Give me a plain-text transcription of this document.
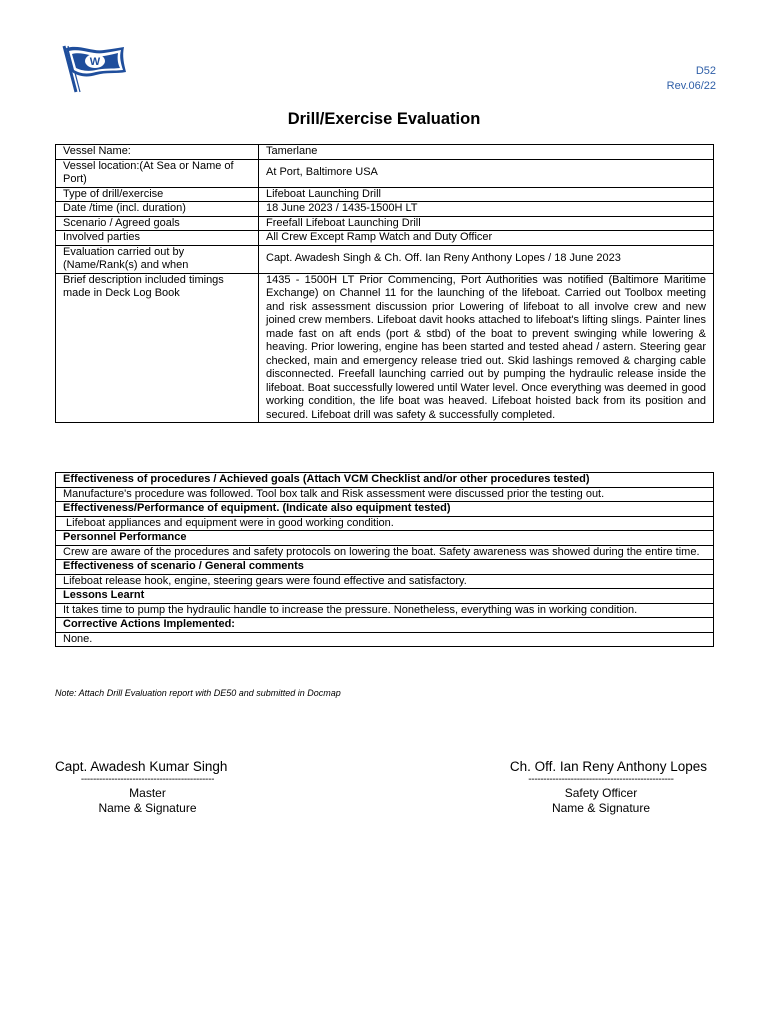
W
D52
Rev.06/22
Drill/Exercise Evaluation
Vessel Name:	Tamerlane
Vessel location:(At Sea or Name of Port)	At Port, Baltimore USA
Type of drill/exercise	Lifeboat Launching Drill
Date /time (incl. duration)	18 June 2023 / 1435-1500H LT
Scenario / Agreed goals	Freefall Lifeboat Launching Drill
Involved parties	All Crew Except Ramp Watch and Duty Officer
Evaluation carried out by (Name/Rank(s) and when	Capt. Awadesh Singh & Ch. Off. Ian Reny Anthony Lopes / 18 June 2023
Brief description included timings made in Deck Log Book	1435 - 1500H LT Prior Commencing, Port Authorities was notified (Baltimore Maritime Exchange) on Channel 11 for the launching of the lifeboat. Carried out Toolbox meeting and risk assessment discussion prior Lowering of lifeboat to all involve crew and new joined crew members. Lifeboat davit hooks attached to lifeboat's lifting slings. Painter lines made fast on aft ends (port & stbd) of the boat to prevent swinging while lowering & heaving. Prior lowering, engine has been started and tested ahead / astern. Steering gear checked, main and emergency release tried out. Skid lashings removed & charging cable disconnected. Freefall launching carried out by pumping the hydraulic release inside the lifeboat. Boat successfully lowered until Water level. Once everything was deemed in good working condition, the life boat was heaved. Lifeboat hoisted back from its position and secured. Lifeboat drill was safety & successfully completed.
Effectiveness of procedures / Achieved goals (Attach VCM Checklist and/or other procedures tested)
Manufacture's procedure was followed. Tool box talk and Risk assessment were discussed prior the testing out.
Effectiveness/Performance of equipment. (Indicate also equipment tested)
Lifeboat appliances and equipment were in good working condition.
Personnel Performance
Crew are aware of the procedures and safety protocols on lowering the boat. Safety awareness was showed during the entire time.
Effectiveness of scenario / General comments
Lifeboat release hook, engine, steering gears were found effective and satisfactory.
Lessons Learnt
It takes time to pump the hydraulic handle to increase the pressure. Nonetheless, everything was in working condition.
Corrective Actions Implemented:
None.
Note: Attach Drill Evaluation report with DE50 and submitted in Docmap
Capt. Awadesh Kumar Singh
--------------------------------------------
Master
Name & Signature
Ch. Off. Ian Reny Anthony Lopes
------------------------------------------------
Safety Officer
Name & Signature
